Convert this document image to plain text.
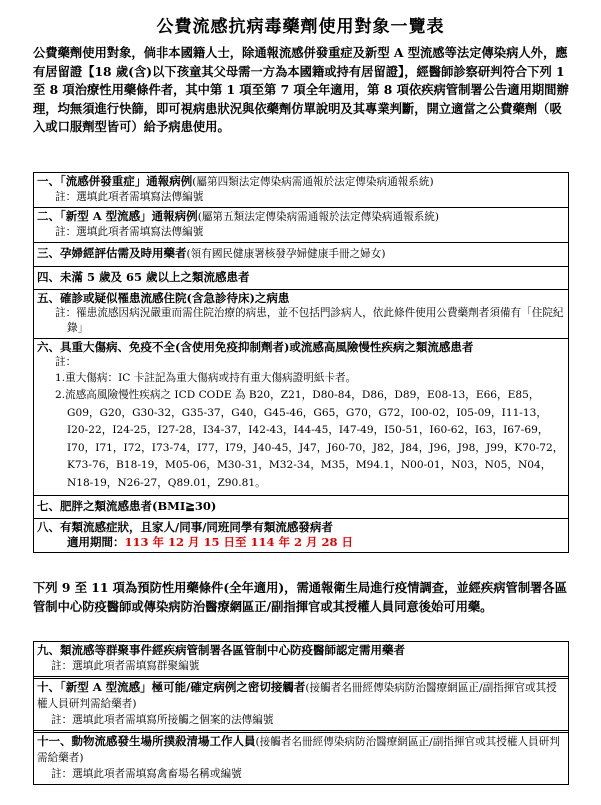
公費流感抗病毒藥劑使用對象一覽表
公費藥劑使用對象，倘非本國籍人士，除通報流感併發重症及新型 A 型流感等法定傳染病人外，應有居留證【18 歲(含)以下孩童其父母需一方為本國籍或持有居留證】，經醫師診察研判符合下列 1 至 8 項治療性用藥條件者，其中第 1 項至第 7 項全年適用，第 8 項依疾病管制署公告適用期間辦理，均無須進行快篩，即可視病患狀況與依藥劑仿單說明及其專業判斷，開立適當之公費藥劑（吸入或口服劑型皆可）給予病患使用。
一、「流感併發重症」通報病例(屬第四類法定傳染病需通報於法定傳染病通報系統)
註：選填此項者需填寫法傳編號
二、「新型 A 型流感」通報病例(屬第五類法定傳染病需通報於法定傳染病通報系統)
註：選填此項者需填寫法傳編號
三、孕婦經評估需及時用藥者(領有國民健康署核發孕婦健康手冊之婦女)
四、未滿 5 歲及 65 歲以上之類流感患者
五、確診或疑似罹患流感住院(含急診待床)之病患
註：罹患流感因病況嚴重而需住院治療的病患，並不包括門診病人，依此條件使用公費藥劑者須備有「住院紀錄」
六、具重大傷病、免疫不全(含使用免疫抑制劑者)或流感高風險慢性疾病之類流感患者
註：
1.重大傷病：IC 卡註記為重大傷病或持有重大傷病證明紙卡者。
2.流感高風險慢性疾病之 ICD CODE 為 B20，Z21，D80-84，D86，D89，E08-13，E66，E85，G09，G20，G30-32，G35-37，G40，G45-46，G65，G70，G72，I00-02，I05-09，I11-13，I20-22，I24-25，I27-28，I34-37，I42-43，I44-45，I47-49，I50-51，I60-62，I63，I67-69，I70，I71，I72，I73-74，I77，I79，J40-45，J47，J60-70，J82，J84，J96，J98，J99，K70-72，K73-76，B18-19，M05-06，M30-31，M32-34，M35，M94.1，N00-01，N03，N05，N04，N18-19，N26-27，Q89.01，Z90.81。
七、肥胖之類流感患者(BMI≧30)
八、有類流感症狀，且家人/同事/同班同學有類流感發病者
適用期間：113 年 12 月 15 日至 114 年 2 月 28 日
下列 9 至 11 項為預防性用藥條件(全年適用)，需通報衛生局進行疫情調查，並經疾病管制署各區管制中心防疫醫師或傳染病防治醫療網區正/副指揮官或其授權人員同意後始可用藥。
九、類流感等群聚事件經疾病管制署各區管制中心防疫醫師認定需用藥者
註：選填此項者需填寫群聚編號
十、「新型 A 型流感」極可能/確定病例之密切接觸者(接觸者名冊經傳染病防治醫療網區正/副指揮官或其授權人員研判需給藥者)
註：選填此項者需填寫所接觸之個案的法傳編號
十一、動物流感發生場所撲殺清場工作人員(接觸者名冊經傳染病防治醫療網區正/副指揮官或其授權人員研判需給藥者)
註：選填此項者需填寫禽畜場名稱或編號
